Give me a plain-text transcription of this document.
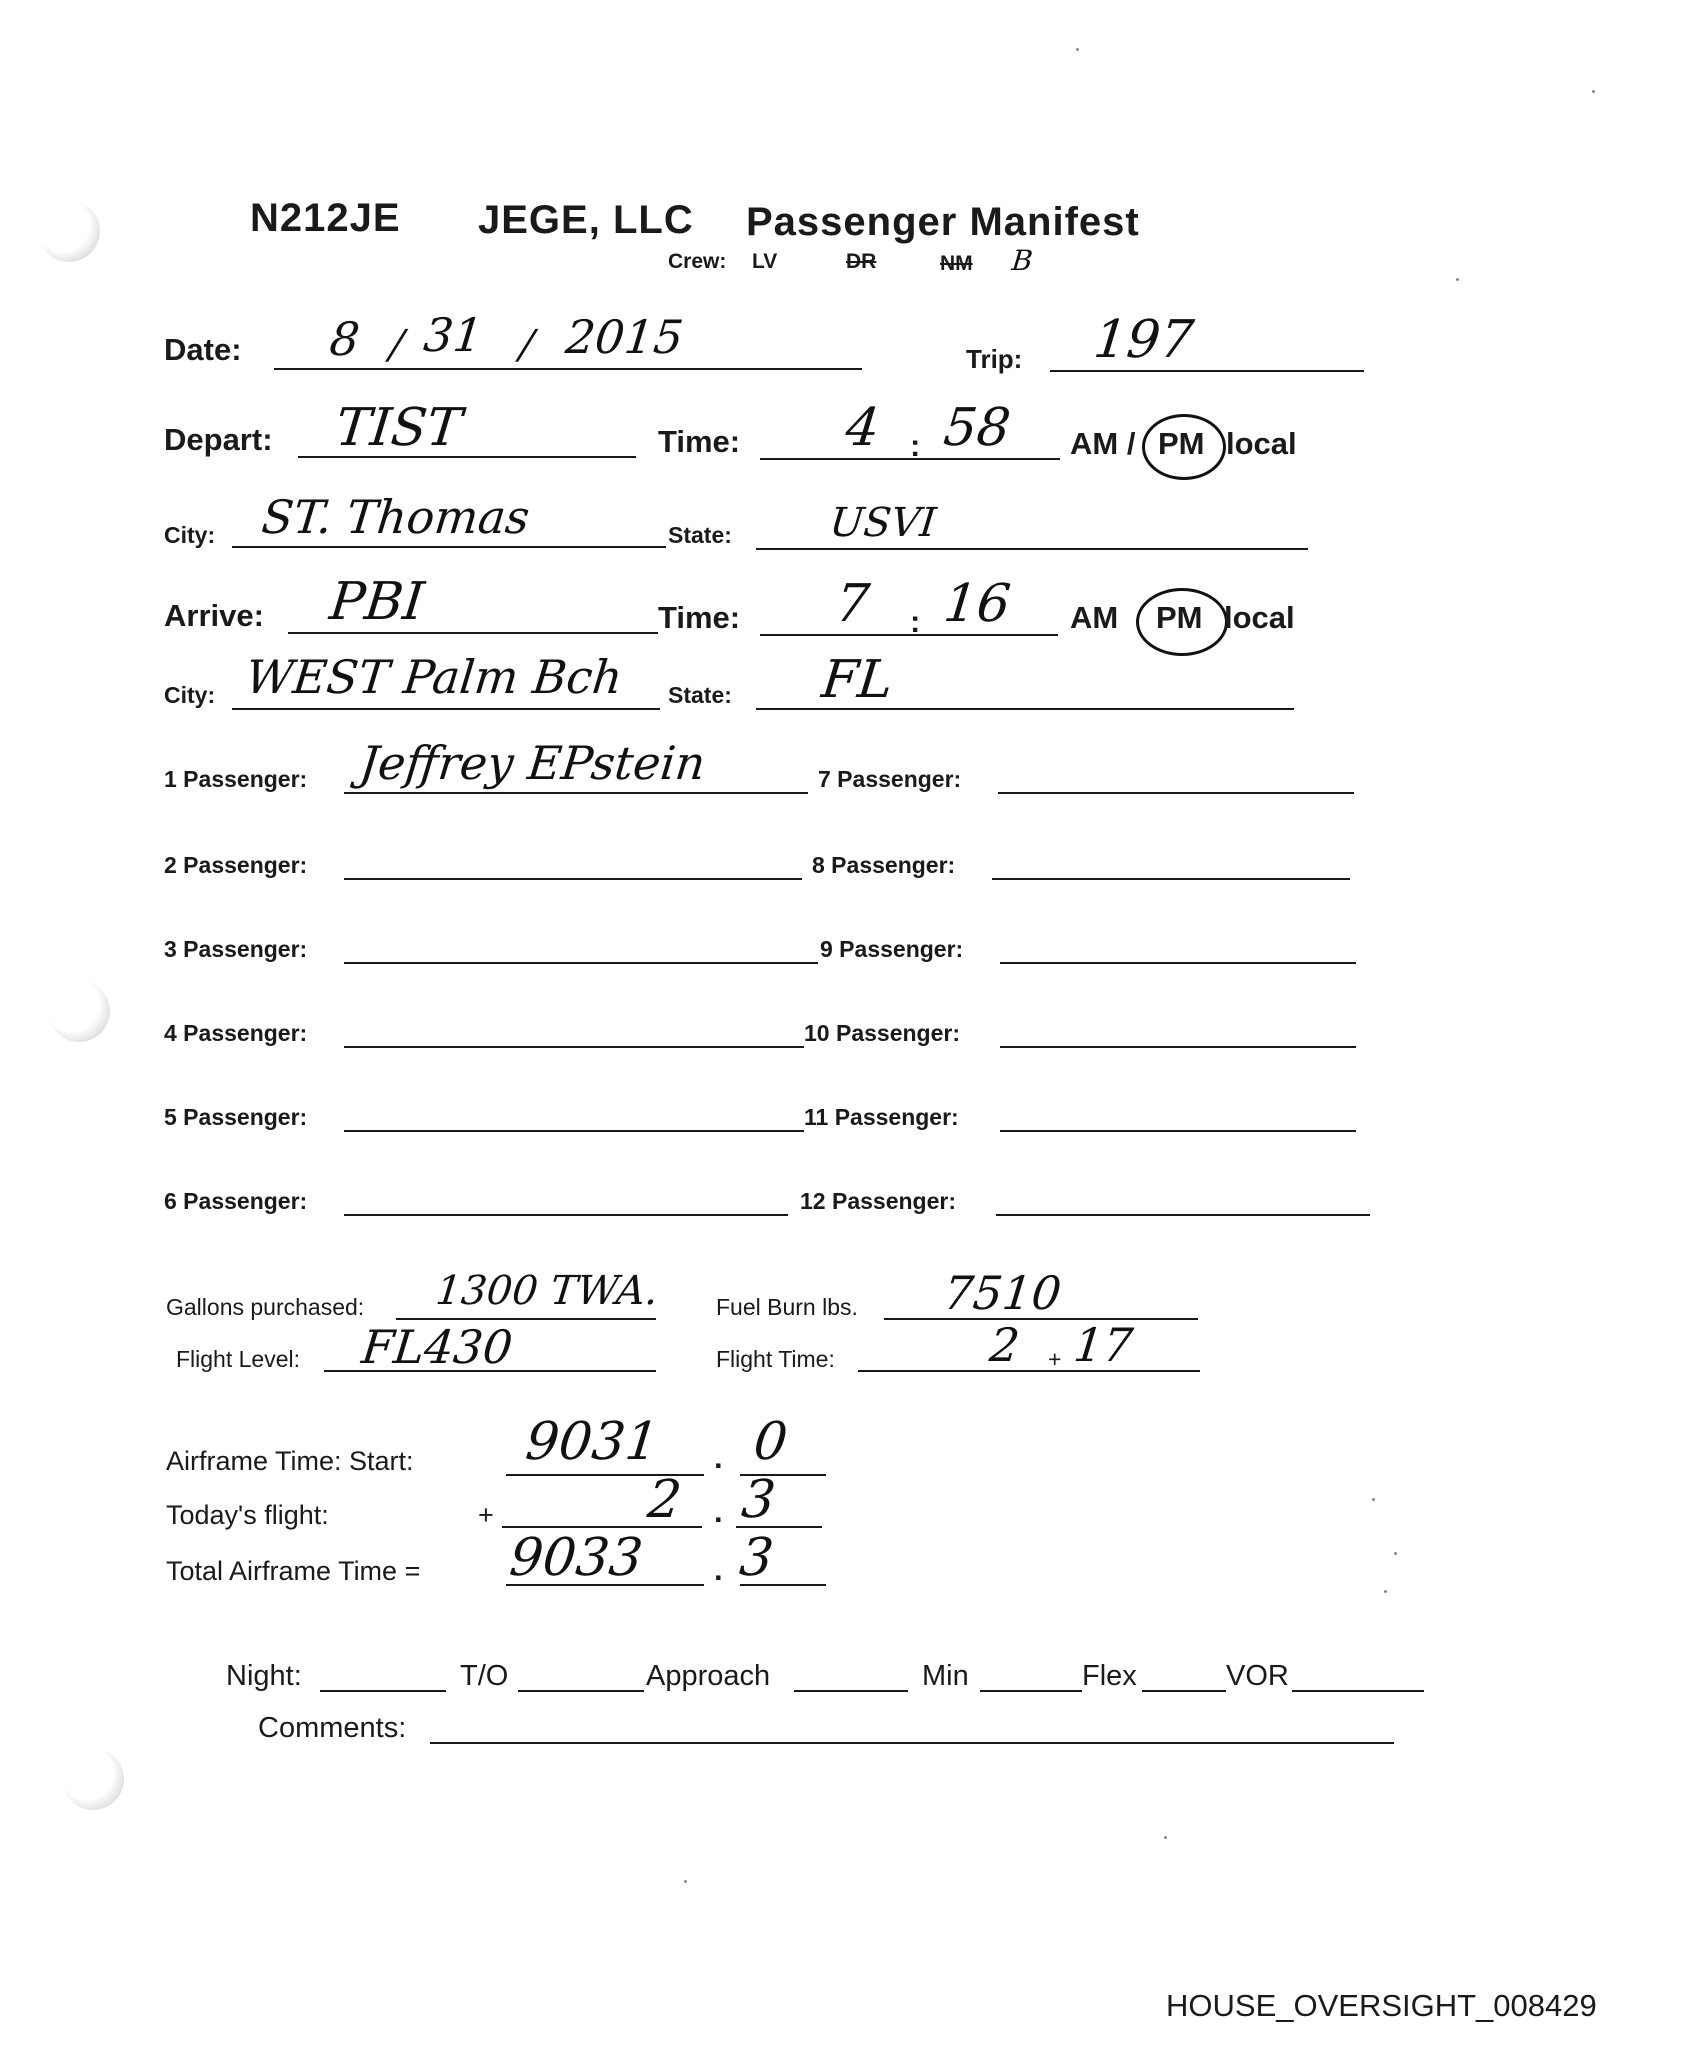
N212JE JEGE, LLC Passenger Manifest
Crew: LV	DR	NM B
Date: 8 / 31 / 2015	Trip: 197
Depart: TIST	Time: 4 : 58 AM / PM local
City: ST. Thomas	State: USVI
Arrive: PBI	Time: 7 : 16 AM PM local
City: WEST Palm Bch State: FL
1 Passenger: Jeffrey EPstein
2 Passenger:
3 Passenger:
4 Passenger:
5 Passenger:
6 Passenger:
7 Passenger:
8 Passenger:
9 Passenger:
10 Passenger:
11 Passenger:
12 Passenger:
Gallons purchased: 1300 TWA. Fuel Burn lbs. 7510
Flight Level: FL430	Flight Time:	2 + 17
Airframe Time: Start: 9031 . 0
Today's flight:	+	2 . 3
Total Airframe Time = 9033 . 3
Night:	T/O	Approach	Min	Flex	VOR
Comments:
HOUSE_OVERSIGHT_008429
